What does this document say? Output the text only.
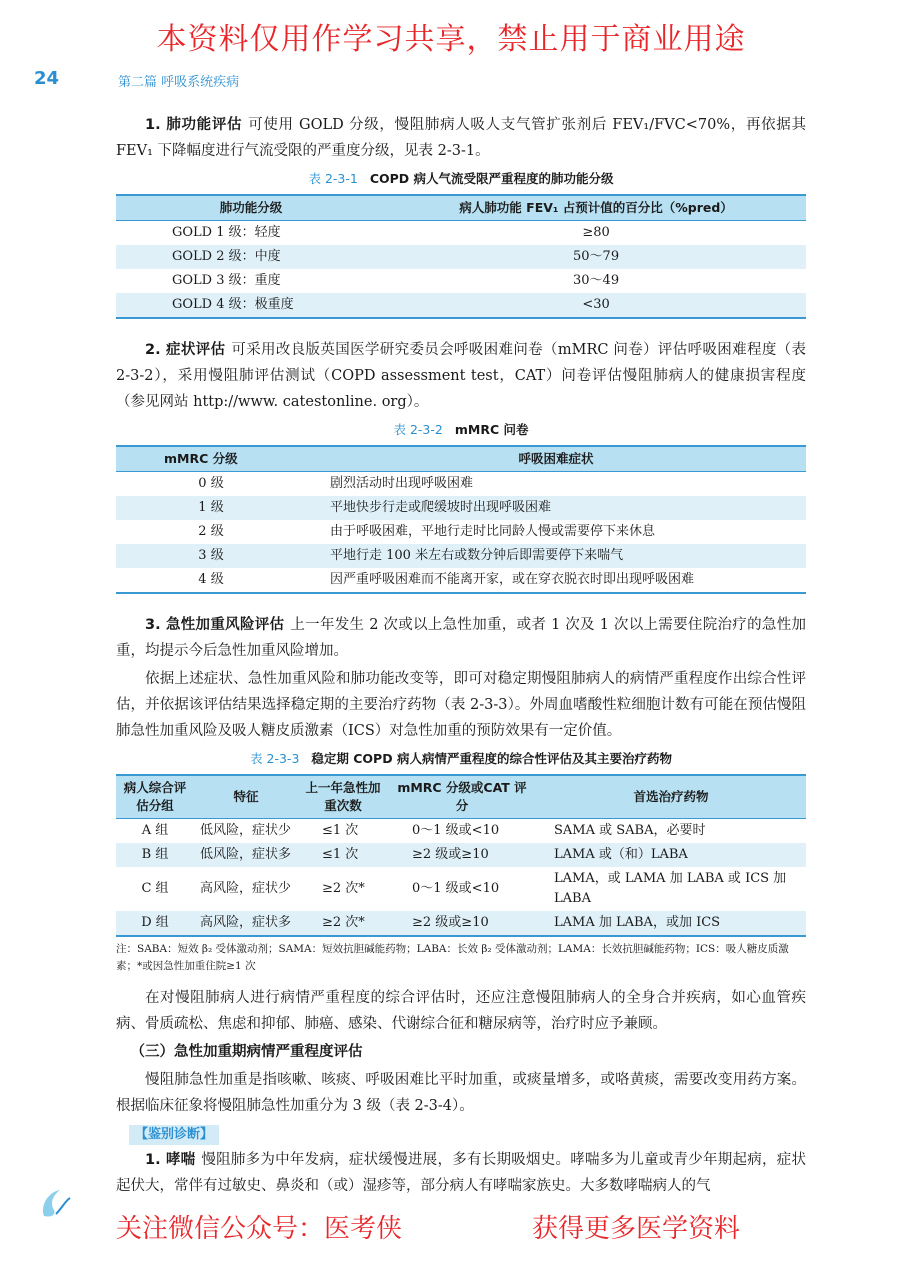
本资料仅用作学习共享，禁止用于商业用途
24	第二篇 呼吸系统疾病

1. 肺功能评估 可使用 GOLD 分级，慢阻肺病人吸人支气管扩张剂后 FEV₁/FVC<70%，再依据其 FEV₁ 下降幅度进行气流受限的严重度分级，见表 2-3-1。

表 2-3-1 COPD 病人气流受限严重程度的肺功能分级
肺功能分级	病人肺功能 FEV₁ 占预计值的百分比（%pred）
GOLD 1 级：轻度	≥80
GOLD 2 级：中度	50～79
GOLD 3 级：重度	30～49
GOLD 4 级：极重度	<30

2. 症状评估 可采用改良版英国医学研究委员会呼吸困难问卷（mMRC 问卷）评估呼吸困难程度（表 2-3-2），采用慢阻肺评估测试（COPD assessment test，CAT）问卷评估慢阻肺病人的健康损害程度（参见网站 http://www. catestonline. org）。

表 2-3-2 mMRC 问卷
mMRC 分级	呼吸困难症状
0 级	剧烈活动时出现呼吸困难
1 级	平地快步行走或爬缓坡时出现呼吸困难
2 级	由于呼吸困难，平地行走时比同龄人慢或需要停下来休息
3 级	平地行走 100 米左右或数分钟后即需要停下来喘气
4 级	因严重呼吸困难而不能离开家，或在穿衣脱衣时即出现呼吸困难

3. 急性加重风险评估 上一年发生 2 次或以上急性加重，或者 1 次及 1 次以上需要住院治疗的急性加重，均提示今后急性加重风险增加。

依据上述症状、急性加重风险和肺功能改变等，即可对稳定期慢阻肺病人的病情严重程度作出综合性评估，并依据该评估结果选择稳定期的主要治疗药物（表 2-3-3）。外周血嗜酸性粒细胞计数有可能在预估慢阻肺急性加重风险及吸人糖皮质激素（ICS）对急性加重的预防效果有一定价值。

表 2-3-3 稳定期 COPD 病人病情严重程度的综合性评估及其主要治疗药物
病人综合评估分组	特征	上一年急性加重次数	mMRC 分级或CAT 评分	首选治疗药物
A 组	低风险，症状少	≤1 次	0～1 级或<10	SAMA 或 SABA，必要时
B 组	低风险，症状多	≤1 次	≥2 级或≥10	LAMA 或（和）LABA
C 组	高风险，症状少	≥2 次*	0～1 级或<10	LAMA，或 LAMA 加 LABA 或 ICS 加 LABA
D 组	高风险，症状多	≥2 次*	≥2 级或≥10	LAMA 加 LABA，或加 ICS

注：SABA：短效 β₂ 受体激动剂；SAMA：短效抗胆碱能药物；LABA：长效 β₂ 受体激动剂；LAMA：长效抗胆碱能药物；ICS：吸人糖皮质激素；*或因急性加重住院≥1 次

在对慢阻肺病人进行病情严重程度的综合评估时，还应注意慢阻肺病人的全身合并疾病，如心血管疾病、骨质疏松、焦虑和抑郁、肺癌、感染、代谢综合征和糖尿病等，治疗时应予兼顾。

（三）急性加重期病情严重程度评估

慢阻肺急性加重是指咳嗽、咳痰、呼吸困难比平时加重，或痰量增多，或咯黄痰，需要改变用药方案。根据临床征象将慢阻肺急性加重分为 3 级（表 2-3-4）。

【鉴别诊断】

1. 哮喘 慢阻肺多为中年发病，症状缓慢进展，多有长期吸烟史。哮喘多为儿童或青少年期起病，症状起伏大，常伴有过敏史、鼻炎和（或）湿疹等，部分病人有哮喘家族史。大多数哮喘病人的气

关注微信公众号：医考侠	获得更多医学资料
